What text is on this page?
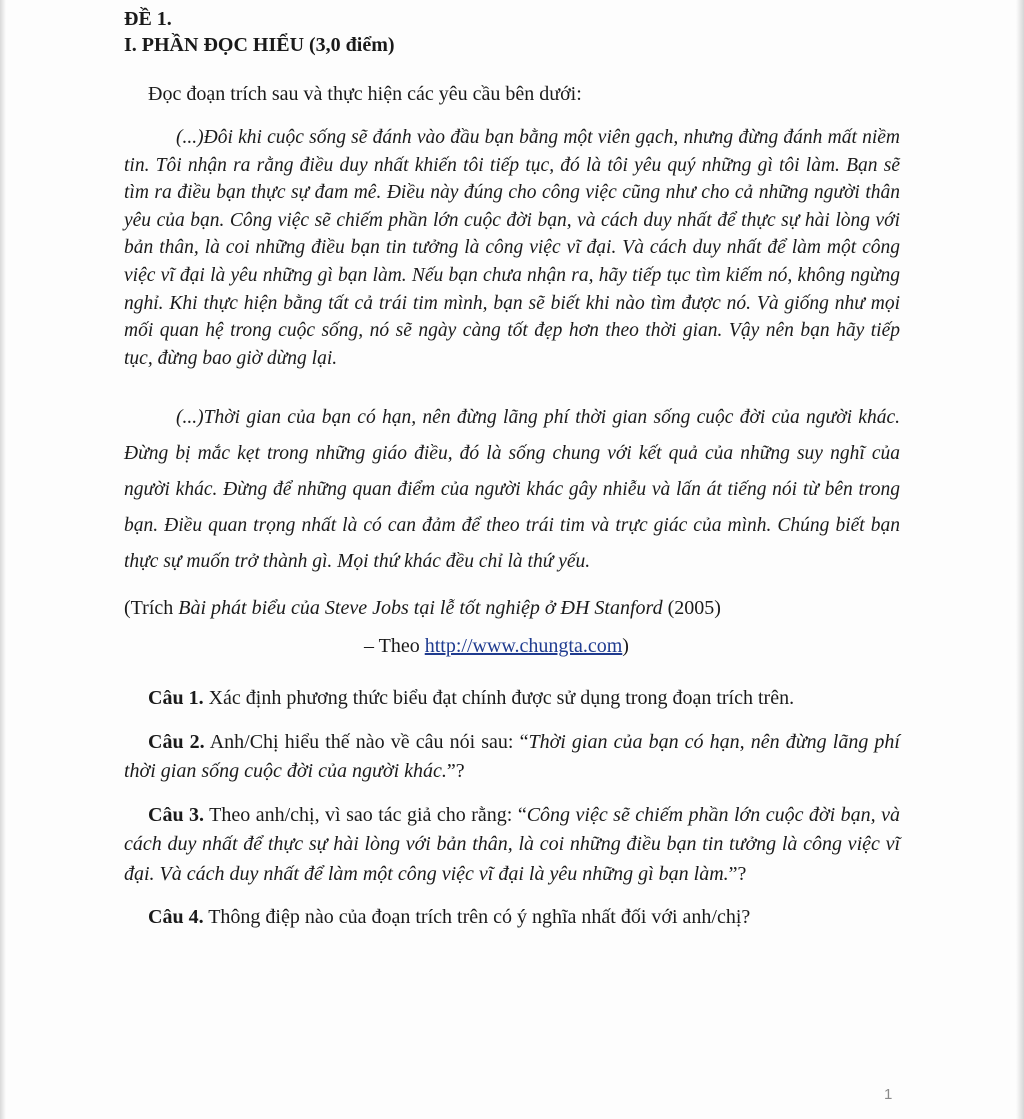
ĐỀ 1.

I. PHẦN ĐỌC HIỂU (3,0 điểm)

Đọc đoạn trích sau và thực hiện các yêu cầu bên dưới:

(...)Đôi khi cuộc sống sẽ đánh vào đầu bạn bằng một viên gạch, nhưng đừng đánh mất niềm tin. Tôi nhận ra rằng điều duy nhất khiến tôi tiếp tục, đó là tôi yêu quý những gì tôi làm. Bạn sẽ tìm ra điều bạn thực sự đam mê. Điều này đúng cho công việc cũng như cho cả những người thân yêu của bạn. Công việc sẽ chiếm phần lớn cuộc đời bạn, và cách duy nhất để thực sự hài lòng với bản thân, là coi những điều bạn tin tưởng là công việc vĩ đại. Và cách duy nhất để làm một công việc vĩ đại là yêu những gì bạn làm. Nếu bạn chưa nhận ra, hãy tiếp tục tìm kiếm nó, không ngừng nghỉ. Khi thực hiện bằng tất cả trái tim mình, bạn sẽ biết khi nào tìm được nó. Và giống như mọi mối quan hệ trong cuộc sống, nó sẽ ngày càng tốt đẹp hơn theo thời gian. Vậy nên bạn hãy tiếp tục, đừng bao giờ dừng lại.

(...)Thời gian của bạn có hạn, nên đừng lãng phí thời gian sống cuộc đời của người khác. Đừng bị mắc kẹt trong những giáo điều, đó là sống chung với kết quả của những suy nghĩ của người khác. Đừng để những quan điểm của người khác gây nhiễu và lấn át tiếng nói từ bên trong bạn. Điều quan trọng nhất là có can đảm để theo trái tim và trực giác của mình. Chúng biết bạn thực sự muốn trở thành gì. Mọi thứ khác đều chỉ là thứ yếu.

(Trích Bài phát biểu của Steve Jobs tại lễ tốt nghiệp ở ĐH Stanford (2005)

– Theo http://www.chungta.com)

Câu 1. Xác định phương thức biểu đạt chính được sử dụng trong đoạn trích trên.

Câu 2. Anh/Chị hiểu thế nào về câu nói sau: “Thời gian của bạn có hạn, nên đừng lãng phí thời gian sống cuộc đời của người khác.”?

Câu 3. Theo anh/chị, vì sao tác giả cho rằng: “Công việc sẽ chiếm phần lớn cuộc đời bạn, và cách duy nhất để thực sự hài lòng với bản thân, là coi những điều bạn tin tưởng là công việc vĩ đại. Và cách duy nhất để làm một công việc vĩ đại là yêu những gì bạn làm.”?

Câu 4. Thông điệp nào của đoạn trích trên có ý nghĩa nhất đối với anh/chị?

1
